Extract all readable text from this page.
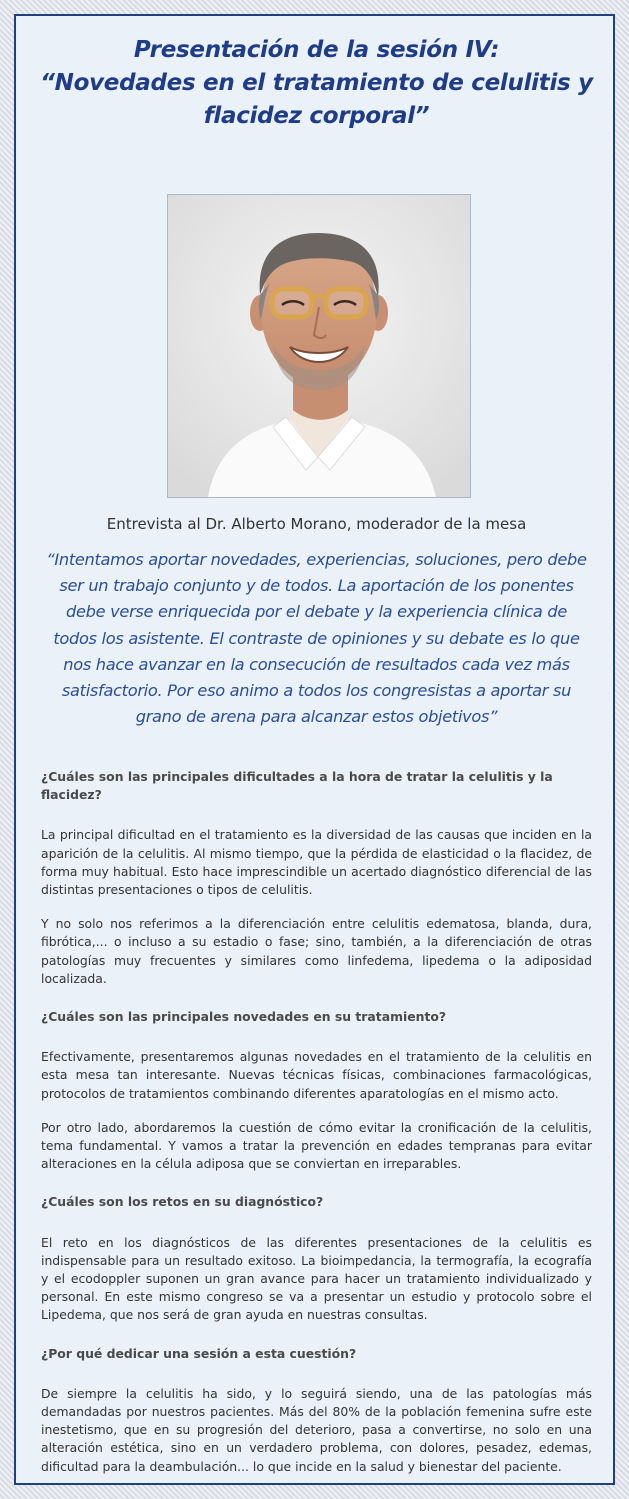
Presentación de la sesión IV:
“Novedades en el tratamiento de celulitis y
flacidez corporal”

Entrevista al Dr. Alberto Morano, moderador de la mesa

“Intentamos aportar novedades, experiencias, soluciones, pero debe ser un trabajo conjunto y de todos. La aportación de los ponentes debe verse enriquecida por el debate y la experiencia clínica de todos los asistente. El contraste de opiniones y su debate es lo que nos hace avanzar en la consecución de resultados cada vez más satisfactorio. Por eso animo a todos los congresistas a aportar su grano de arena para alcanzar estos objetivos”

¿Cuáles son las principales dificultades a la hora de tratar la celulitis y la flacidez?

La principal dificultad en el tratamiento es la diversidad de las causas que inciden en la aparición de la celulitis. Al mismo tiempo, que la pérdida de elasticidad o la flacidez, de forma muy habitual. Esto hace imprescindible un acertado diagnóstico diferencial de las distintas presentaciones o tipos de celulitis.

Y no solo nos referimos a la diferenciación entre celulitis edematosa, blanda, dura, fibrótica,... o incluso a su estadio o fase; sino, también, a la diferenciación de otras patologías muy frecuentes y similares como linfedema, lipedema o la adiposidad localizada.

¿Cuáles son las principales novedades en su tratamiento?

Efectivamente, presentaremos algunas novedades en el tratamiento de la celulitis en esta mesa tan interesante. Nuevas técnicas físicas, combinaciones farmacológicas, protocolos de tratamientos combinando diferentes aparatologías en el mismo acto.

Por otro lado, abordaremos la cuestión de cómo evitar la cronificación de la celulitis, tema fundamental. Y vamos a tratar la prevención en edades tempranas para evitar alteraciones en la célula adiposa que se conviertan en irreparables.

¿Cuáles son los retos en su diagnóstico?

El reto en los diagnósticos de las diferentes presentaciones de la celulitis es indispensable para un resultado exitoso. La bioimpedancia, la termografía, la ecografía y el ecodoppler suponen un gran avance para hacer un tratamiento individualizado y personal. En este mismo congreso se va a presentar un estudio y protocolo sobre el Lipedema, que nos será de gran ayuda en nuestras consultas.

¿Por qué dedicar una sesión a esta cuestión?

De siempre la celulitis ha sido, y lo seguirá siendo, una de las patologías más demandadas por nuestros pacientes. Más del 80% de la población femenina sufre este inestetismo, que en su progresión del deterioro, pasa a convertirse, no solo en una alteración estética, sino en un verdadero problema, con dolores, pesadez, edemas, dificultad para la deambulación... lo que incide en la salud y bienestar del paciente.
